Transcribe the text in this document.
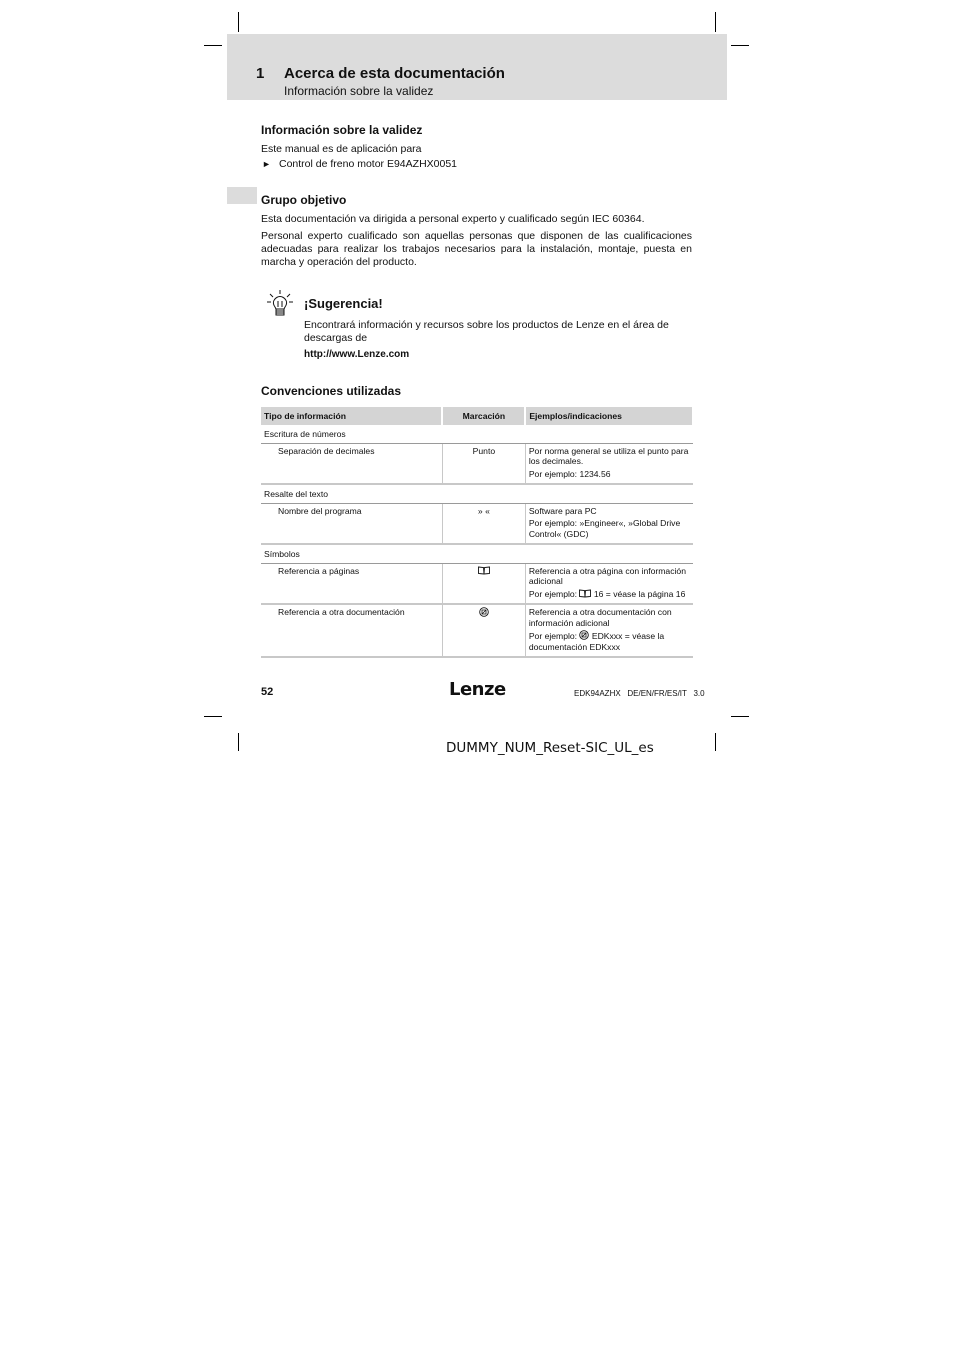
1 Acerca de esta documentación
Información sobre la validez
Información sobre la validez
Este manual es de aplicación para
► Control de freno motor E94AZHX0051
Grupo objetivo
Esta documentación va dirigida a personal experto y cualificado según IEC 60364.
Personal experto cualificado son aquellas personas que disponen de las cualificaciones adecuadas para realizar los trabajos necesarios para la instalación, montaje, puesta en marcha y operación del producto.
¡Sugerencia!
Encontrará información y recursos sobre los productos de Lenze en el área de descargas de
http://www.Lenze.com
Convenciones utilizadas
Tipo de información	Marcación	Ejemplos/indicaciones
Escritura de números		
Separación de decimales	Punto	Por norma general se utiliza el punto para los decimales.
Por ejemplo: 1234.56

Resalte del texto		
Nombre del programa	» «	Software para PC
Por ejemplo: »Engineer«, »Global Drive Control« (GDC)

Símbolos		
Referencia a páginas		Referencia a otra página con información adicional
Por ejemplo:  16 = véase la página 16

Referencia a otra documentación		Referencia a otra documentación con información adicional
Por ejemplo:  EDKxxx = véase la documentación EDKxxx
52	Lenze	EDK94AZHX   DE/EN/FR/ES/IT   3.0
DUMMY_NUM_Reset-SIC_UL_es
